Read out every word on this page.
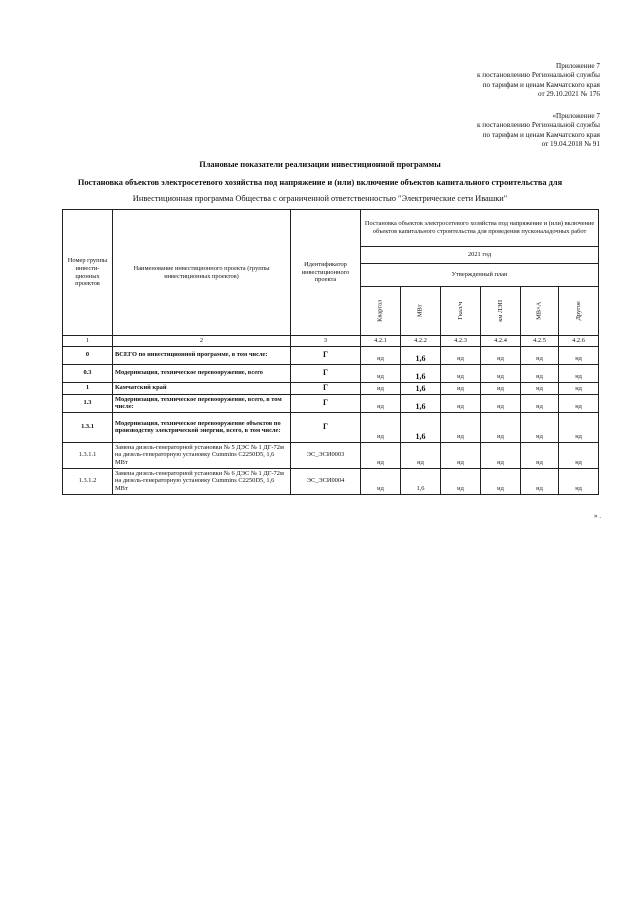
Приложение 7
к постановлению Региональной службы
по тарифам и ценам Камчатского края
от 29.10.2021 № 176
«Приложение 7
к постановлению Региональной службы
по тарифам и ценам Камчатского края
от 19.04.2018 № 91
Плановые показатели реализации инвестиционной программы
Постановка объектов электросетевого хозяйства под напряжение и (или) включение объектов капитального строительства для
Инвестиционная программа Общества с ограниченной ответственностью "Электрические сети Ивашки"
Номер группы инвести-ционных проектов	Наименование инвестиционного проекта (группы инвестиционных проектов)	Идентификатор инвестиционного проекта	Постановка объектов электросетевого хозяйства под напряжение и (или) включение объектов капитального строительства для проведения пусконаладочных работ					
			2021 год					
			Утвержденный план					
			Квартал	МВт	Гкал/ч	км ЛЭП	МВ×А	Другое
1	2	3	4.2.1	4.2.2	4.2.3	4.2.4	4.2.5	4.2.6
0	ВСЕГО по инвестиционной программе, в том числе:	Г	нд	1,6	нд	нд	нд	нд
0.3	Модернизация, техническое перевооружение, всего	Г	нд	1,6	нд	нд	нд	нд
1	Камчатский край	Г	нд	1,6	нд	нд	нд	нд
1.3	Модернизация, техническое перевооружение, всего, в том числе:	Г	нд	1,6	нд	нд	нд	нд
1.3.1	Модернизация, техническое перевооружение объектов по производству электрической энергии, всего, в том числе:	Г	нд	1,6	нд	нд	нд	нд
1.3.1.1	Замена дизель-генераторной установки № 5 ДЭС № 1 ДГ-72м на дизель-генераторную установку Cummins C2250D5, 1,6 МВт	ЭС_ЭСИ0003	нд	нд	нд	нд	нд	нд
1.3.1.2	Замена дизель-генераторной установки № 6 ДЭС № 1 ДГ-72м на дизель-генераторную установку Cummins C2250D5, 1,6 МВт	ЭС_ЭСИ0004	нд	1,6	нд	нд	нд	нд
» .
